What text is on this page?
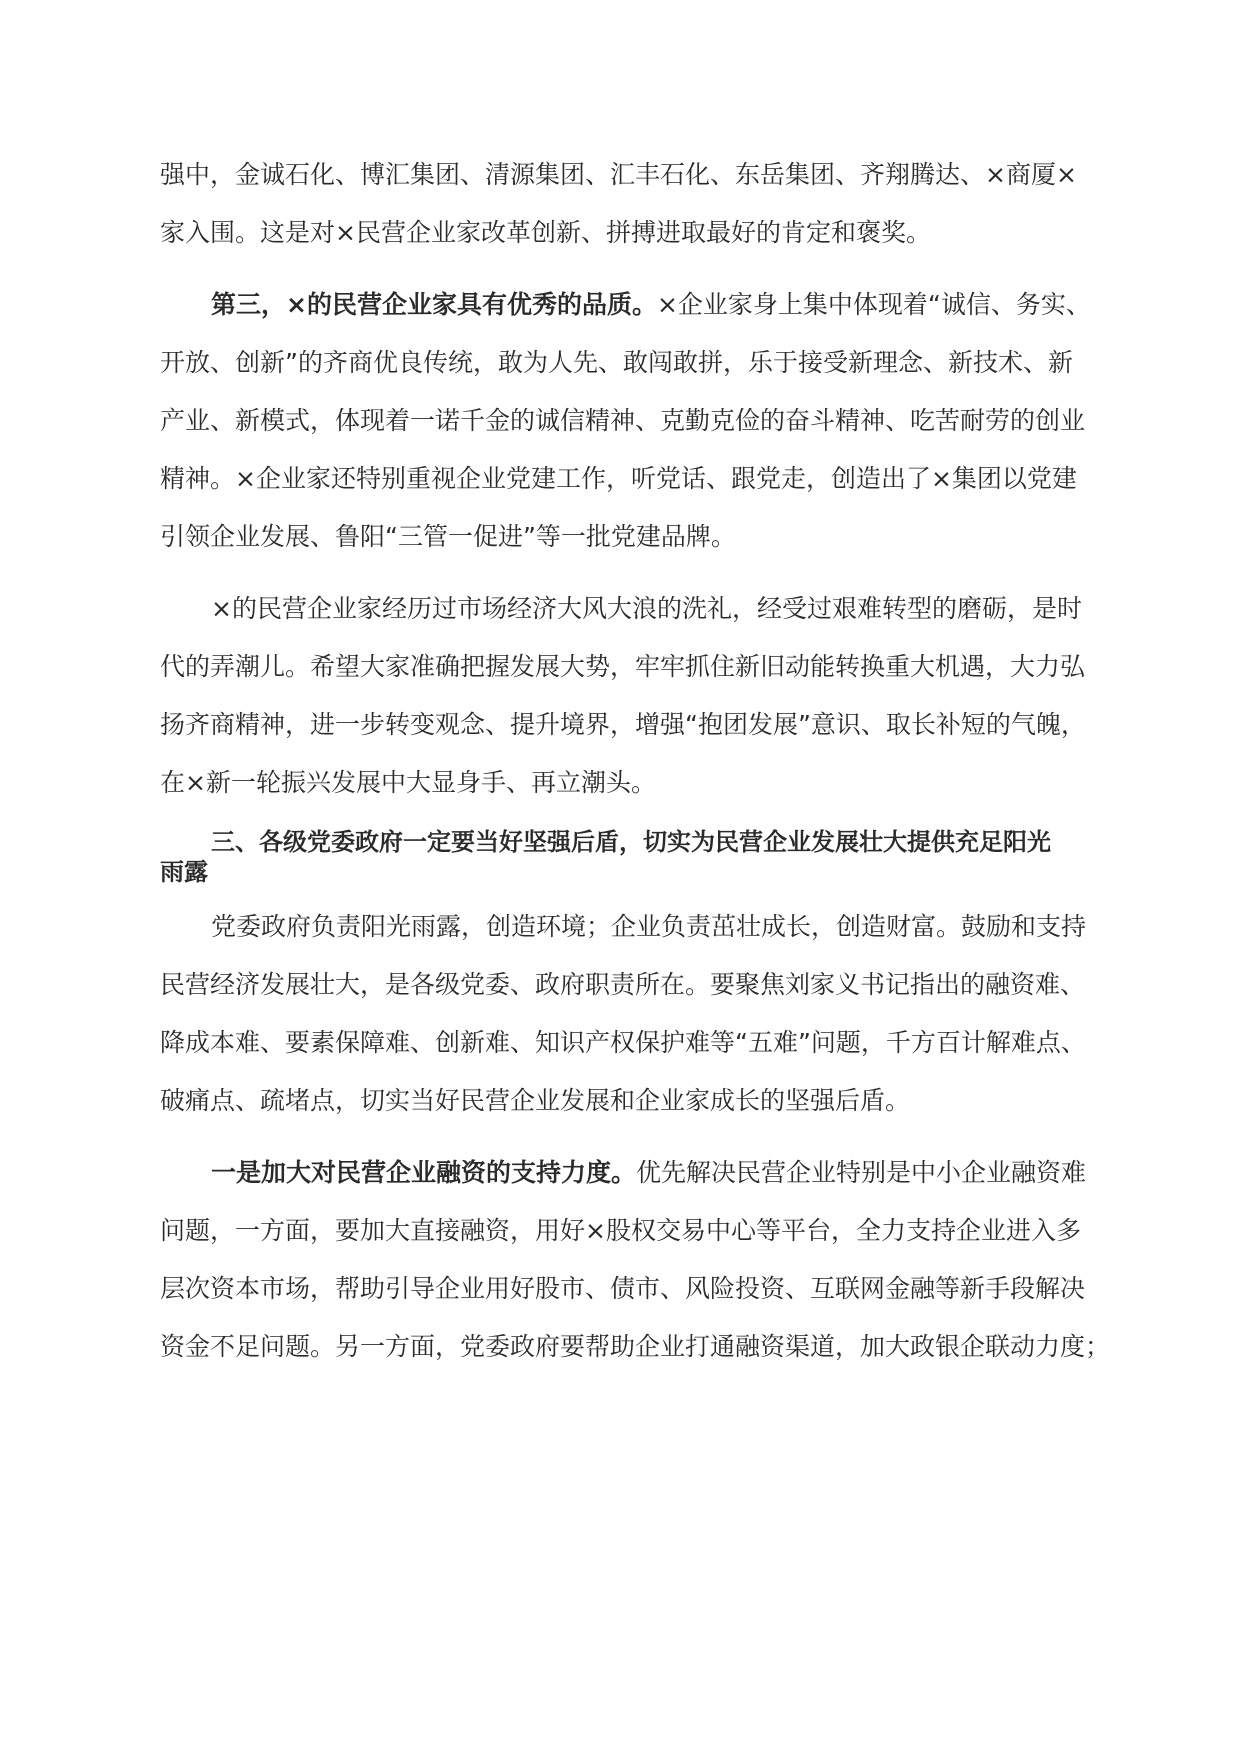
强中，金诚石化、博汇集团、清源集团、汇丰石化、东岳集团、齐翔腾达、×商厦×
家入围。这是对×民营企业家改革创新、拼搏进取最好的肯定和褒奖。
第三，×的民营企业家具有优秀的品质。×企业家身上集中体现着“诚信、务实、
开放、创新”的齐商优良传统，敢为人先、敢闯敢拼，乐于接受新理念、新技术、新
产业、新模式，体现着一诺千金的诚信精神、克勤克俭的奋斗精神、吃苦耐劳的创业
精神。×企业家还特别重视企业党建工作，听党话、跟党走，创造出了×集团以党建
引领企业发展、鲁阳“三管一促进”等一批党建品牌。
×的民营企业家经历过市场经济大风大浪的洗礼，经受过艰难转型的磨砺，是时
代的弄潮儿。希望大家准确把握发展大势，牢牢抓住新旧动能转换重大机遇，大力弘
扬齐商精神，进一步转变观念、提升境界，增强“抱团发展”意识、取长补短的气魄，
在×新一轮振兴发展中大显身手、再立潮头。
三、各级党委政府一定要当好坚强后盾，切实为民营企业发展壮大提供充足阳光
雨露
党委政府负责阳光雨露，创造环境；企业负责茁壮成长，创造财富。鼓励和支持
民营经济发展壮大，是各级党委、政府职责所在。要聚焦刘家义书记指出的融资难、
降成本难、要素保障难、创新难、知识产权保护难等“五难”问题，千方百计解难点、
破痛点、疏堵点，切实当好民营企业发展和企业家成长的坚强后盾。
一是加大对民营企业融资的支持力度。优先解决民营企业特别是中小企业融资难
问题，一方面，要加大直接融资，用好×股权交易中心等平台，全力支持企业进入多
层次资本市场，帮助引导企业用好股市、债市、风险投资、互联网金融等新手段解决
资金不足问题。另一方面，党委政府要帮助企业打通融资渠道，加大政银企联动力度；
